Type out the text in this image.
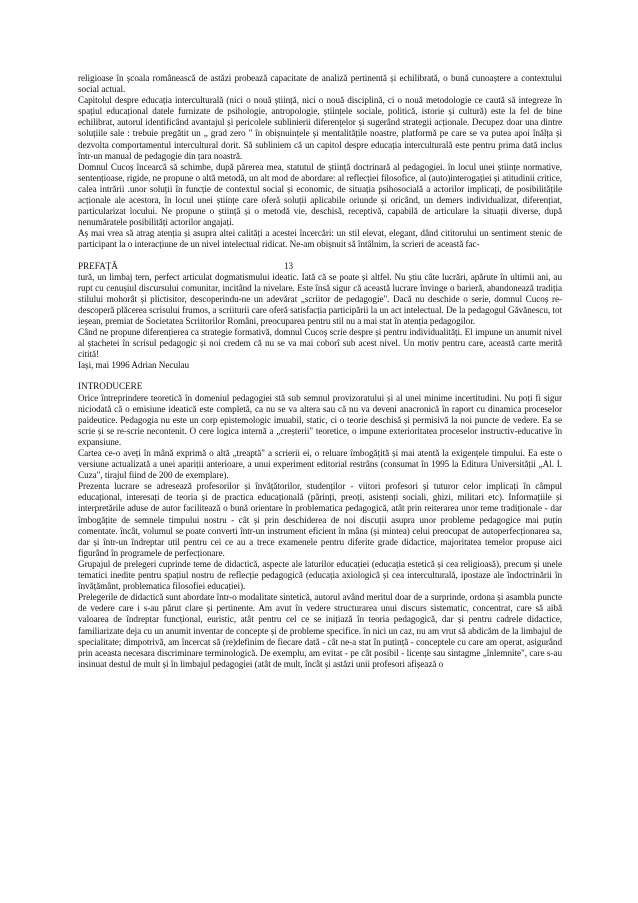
religioase în școala românească de astăzi probează capacitate de analiză pertinentă și echilibrată, o bună cunoaștere a contextului social actual.

Capitolul despre educația interculturală (nici o nouă știință, nici o nouă disciplină, ci o nouă metodologie ce caută să integreze în spațiul educațional datele furnizate de psihologie, antropologie, științele sociale, politică, istorie și cultură) este la fel de bine echilibrat, autorul identificând avantajul și pericolele sublinierii diferențelor și sugerând strategii acționale. Decupez doar una dintre soluțiile sale : trebuie pregătit un „ grad zero " în obișnuințele și mentalitățile noastre, platformă pe care se va putea apoi înălța și dezvolta comportamentul intercultural dorit. Să subliniem că un capitol despre educația interculturală este pentru prima dată inclus într-un manual de pedagogie din țara noastră.

Domnul Cucoș încearcă să schimbe, după părerea mea, statutul de știință doctrinară al pedagogiei. în locul unei științe normative, sentențioase, rigide, ne propune o altă metodă, un alt mod de abordare: al reflecției filosofice, al (auto)interogației și atitudinii critice, calea intrării .unor soluții în funcție de contextul social și economic, de situația psihosocială a actorilor implicați, de posibilitățile acționale ale acestora, în locul unei științe care oferă soluții aplicabile oriunde și oricând, un demers individualizat, diferențiat, particularizat locului. Ne propune o știință și o metodă vie, deschisă, receptivă, capabilă de articulare la situații diverse, după nenumăratele posibilități actorilor angajați.

Aș mai vrea să atrag atenția și asupra altei calități a acestei încercări: un stil elevat, elegant, dând cititorului un sentiment stenic de participant la o interacțiune de un nivel intelectual ridicat. Ne-am obișnuit să întâlnim, la scrieri de această fac-

PREFAȚĂ	13

tură, un limbaj tern, perfect articulat dogmatismului ideatic. Iată că se poate și altfel. Nu știu câte lucrări, apărute în ultimii ani, au rupt cu cenușiul discursului comunitar, incitând la nivelare. Este însă sigur că această lucrare învinge o barieră, abandonează tradiția stilului mohorât și plictisitor, descoperindu-ne un adevărat „scriitor de pedagogie". Dacă nu deschide o serie, domnul Cucoș re-descoperă plăcerea scrisului frumos, a scriiturii care oferă satisfacția participării la un act intelectual. De la pedagogul Găvănescu, tot ieșean, premiat de Societatea Scriitorilor Români, preocuparea pentru stil nu a mai stat în atenția pedagogilor.

Când ne propune diferențierea ca strategie formativă, domnul Cucoș scrie despre și pentru individualități. El impune un anumit nivel al ștachetei în scrisul pedagogic și noi credem că nu se va mai coborî sub acest nivel. Un motiv pentru care, această carte merită citită!

Iași, mai 1996 Adrian Neculau

INTRODUCERE

Orice întreprindere teoretică în domeniul pedagogiei stă sub semnul provizoratului și al unei minime incertitudini. Nu poți fi sigur niciodată că o emisiune ideatică este completă, ca nu se va altera sau că nu va deveni anacronică în raport cu dinamica proceselor paideutice. Pedagogia nu este un corp epistemologic imuabil, static, ci o teorie deschisă și permisivă la noi puncte de vedere. Ea se scrie și se re-scrie necontenit. O cere logica internă a „creșterii" teoretice, o impune exterioritatea proceselor instructiv-educative în expansiune.

Cartea ce-o aveți în mână exprimă o altă „treaptă" a scrierii ei, o reluare îmbogățită și mai atentă la exigențele timpului. Ea este o versiune actualizată a unei apariții anterioare, a unui experiment editorial restrâns (consumat în 1995 la Editura Universității „Al. I. Cuza", tirajul fiind de 200 de exemplare).

Prezenta lucrare se adresează profesorilor și învățătorilor, studenților - viitori profesori și tuturor celor implicați în câmpul educațional, interesați de teoria și de practica educațională (părinți, preoți, asistenți sociali, ghizi, militari etc). Informațiile și interpretările aduse de autor facilitează o bună orientare în problematica pedagogică, atât prin reiterarea unor teme tradiționale - dar îmbogățite de semnele timpului nostru - cât și prin deschiderea de noi discuții asupra unor probleme pedagogice mai puțin comentate. încât, volumul se poate converti într-un instrument eficient în mâna (și mintea) celui preocupat de autoperfecționarea sa, dar și într-un îndreptar util pentru cei ce au a trece examenele pentru diferite grade didactice, majoritatea temelor propuse aici figurând în programele de perfecționare.

Grupajul de prelegeri cuprinde teme de didactică, aspecte ale laturilor educației (educația estetică și cea religioasă), precum și unele tematici inedite pentru spațiul nostru de reflecție pedagogică (educația axiologică și cea interculturală, ipostaze ale îndoctrinării în învățământ, problematica filosofiei educației).

Prelegerile de didactică sunt abordate într-o modalitate sintetică, autorul având meritul doar de a surprinde, ordona și asambla puncte de vedere care i s-au părut clare și pertinente. Am avut în vedere structurarea unui discurs sistematic, concentrat, care să aibă valoarea de îndreptar funcțional, euristic, atât pentru cel ce se inițiază în teoria pedagogică, dar și pentru cadrele didactice, familiarizate deja cu un anumit inventar de concepte și de probleme specifice. în nici un caz, nu am vrut să abdicăm de la limbajul de specialitate; dimpotrivă, am încercat să (re)definim de fiecare dată - cât ne-a stat în putință - conceptele cu care am operat, asigurând prin aceasta necesara discriminare terminologică. De exemplu, am evitat - pe cât posibil - licențe sau sintagme „înlemnite", care s-au insinuat destul de mult și în limbajul pedagogiei (atât de mult, încât și astăzi unii profesori afișează o
